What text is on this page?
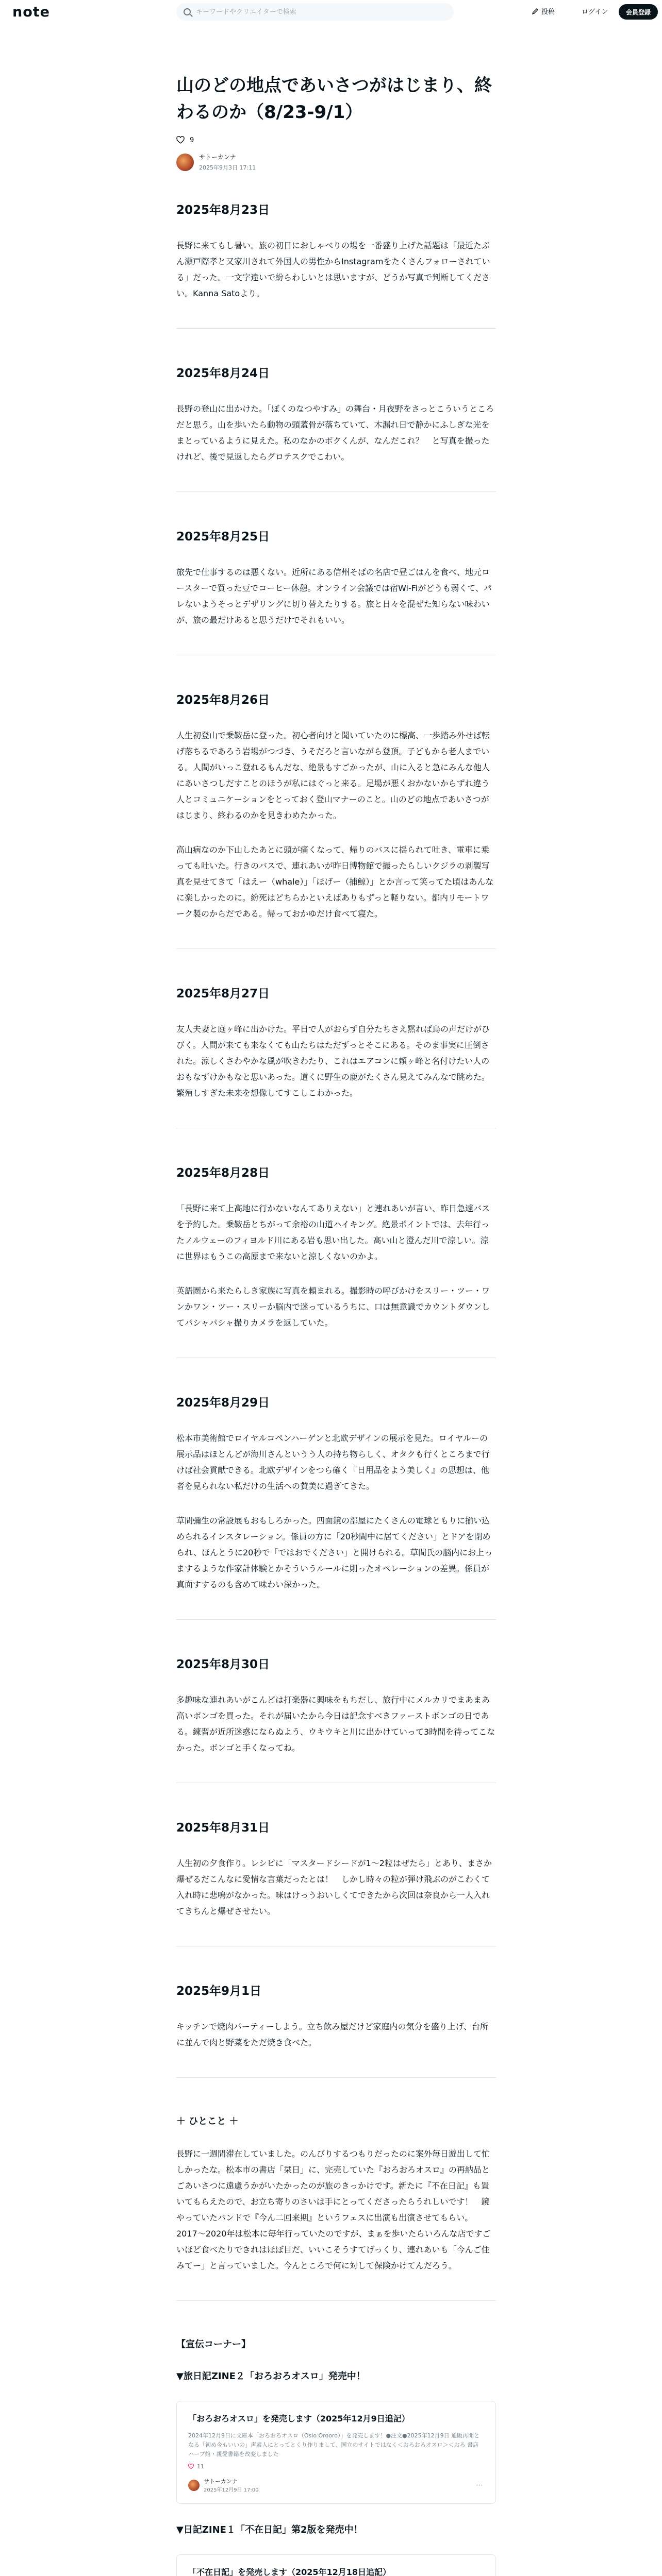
note
キーワードやクリエイターで検索	投稿	ログイン	会員登録
山のどの地点であいさつがはじまり、終わるのか（8/23-9/1）
9
サトーカンナ
2025年9月3日 17:11
2025年8月23日

長野に来てもし暑い。旅の初日におしゃべりの場を一番盛り上げた話題は「最近たぶん瀬戸際孝と又家川されて外国人の男性からInstagramをたくさんフォローされている」だった。一文字違いで紛らわしいとは思いますが、どうか写真で判断してください。Kanna Satoより。

2025年8月24日

長野の登山に出かけた。「ぼくのなつやすみ」の舞台・月夜野をさっとこういうところだと思う。山を歩いたら動物の頭蓋骨が落ちていて、木漏れ日で静かにふしぎな光をまとっているように見えた。私のなかのボクくんが、なんだこれ？　と写真を撮ったけれど、後で見返したらグロテスクでこわい。

2025年8月25日

旅先で仕事するのは悪くない。近所にある信州そばの名店で昼ごはんを食べ、地元ロースターで買った豆でコーヒー休憩。オンライン会議では宿Wi-Fiがどうも弱くて、パレないようそっとデザリングに切り替えたりする。旅と日々を混ぜた知らない味わいが、旅の最だけあると思うだけでそれもいい。

2025年8月26日

人生初登山で乗鞍岳に登った。初心者向けと聞いていたのに標高、一歩踏み外せば転げ落ちるであろう岩場がつづき、うそだろと言いながら登頂。子どもから老人までいる。人間がいっこ登れるもんだな、絶景もすごかったが、山に入ると急にみんな他人にあいさつしだすことのほうが私にはぐっと来る。足場が悪くおかないからずれ違う人とコミュニケーションをとっておく登山マナーのこと。山のどの地点であいさつがはじまり、終わるのかを見きわめたかった。

高山病なのか下山したあとに頭が痛くなって、帰りのバスに揺られて吐き、電車に乗っても吐いた。行きのバスで、連れあいが昨日博物館で撮ったらしいクジラの剥製写真を見せてきて「はえー（whale）」「ほげー（捕鯨）」とか言って笑ってた頃はあんなに楽しかったのに。紛死はどちらかといえばありもずっと軽りない。都内リモートワーク製のからだである。帰っておかゆだけ食べて寝た。

2025年8月27日

友人夫妻と庭ヶ峰に出かけた。平日で人がおらず自分たちさえ黙れば鳥の声だけがひびく。人間が来ても来なくても山たちはただずっとそこにある。そのま事実に圧倒された。涼しくさわやかな風が吹きわたり、これはエアコンに頼ヶ峰と名付けたい人のおもなずけかもなと思いあった。道くに野生の鹿がたくさん見えてみんなで眺めた。繁殖しすぎた未来を想像してすこしこわかった。

2025年8月28日

「長野に来て上高地に行かないなんてありえない」と連れあいが言い、昨日急遽バスを予約した。乗鞍岳とちがって余裕の山道ハイキング。絶景ポイントでは、去年行ったノルウェーのフィヨルド川にある岩も思い出した。高い山と澄んだ川で涼しい。涼に世界はもうこの高原まで来ないと涼しくないのかよ。

英語圏から来たらしき家族に写真を頼まれる。撮影時の呼びかけをスリー・ツー・ワンかワン・ツー・スリーか脳内で迷っているうちに、口は無意識でカウントダウンしてパシャパシャ撮りカメラを返していた。

2025年8月29日

松本市美術館でロイヤルコペンハーゲンと北欧デザインの展示を見た。ロイヤルーの展示品はほとんどが海川さんというう人の持ち物らしく、オタクも行くところまで行けば社会貢献できる。北欧デザインをつら確く『日用品をよう美しく』の思想は、他者を見られない私だけの生活への賛美に過ぎてきた。

草間彌生の常設展もおもしろかった。四面鏡の部屋にたくさんの電球ともりに揃い込められるインスタレーション。係員の方に「20秒間中に居てください」とドアを閉められ、ほんとうに20秒で「ではおでください」と開けられる。草間氏の脳内にお上っまするような作家計体験とかそういうルールに則ったオペレーションの差異。係員が真面すするのも含めて味わい深かった。

2025年8月30日

多趣味な連れあいがこんどは打楽器に興味をもちだし、旅行中にメルカリでまあまあ高いボンゴを買った。それが届いたから今日は記念すべきファーストボンゴの日である。練習が近所迷惑にならぬよう、ウキウキと川に出かけていって3時間を待ってこなかった。ボンゴと手くなってね。

2025年8月31日

人生初の夕食作り。レシピに「マスタードシードが1〜2粒はぜたら」とあり、まさか爆ぜるだこんなに愛情な言葉だったとは！　しかし時々の粒が弾け飛ぶのがこわくて入れ時に悲鳴がなかった。味はけっうおいしくてできたから次回は奈良から一人入れてきちんと爆ぜさせたい。

2025年9月1日

キッチンで焼肉パーティーしよう。立ち飲み屋だけど家庭内の気分を盛り上げ、台所に並んで肉と野菜をただ焼き食べた。

＋ ひとこと ＋

長野に一週間滞在していました。のんびりするつもりだったのに案外毎日遊出して忙しかったな。松本市の書店「栞日」に、完売していた『おろおろオスロ』の再納品とごあいさつに遠慮うかがいたかったのが旅のきっかけです。新たに『不在日記』も置いてもらえたので、お立ち寄りのさいは手にとってくださったらうれしいです！　鏡やっていたバンドで『今ん二回来期』というフェスに出演も出演させてもらい。2017〜2020年は松本に毎年行っていたのですが、まぁを歩いたらいろんな店ですごいほど食べたりできれはほぼ目だ、いいこそうすてげっくり、連れあいも「今んご住みてー」と言っていました。今んところで何に対して保険かけてんだろう。

【宣伝コーナー】
▼旅日記ZINE２「おろおろオスロ」発売中！
「おろおろオスロ」を発売します（2025年12月9日追記）
2024年12月9日に文庫本「おろおろオスロ（Oslo Orooro）」を発売します！●注文●2025年12月9日 通販再開となる「初め今もいいの」声素人にとってとくり作りまして、国立のサイトではなく＜おろおろオスロ＞＜おろ 書店ハーブ館・親愛書籍を改変しました
11
サトーカンナ
2025年12月9日 17:00
⋯
▼日記ZINE１「不在日記」第2版を発売中！
「不在日記」を発売します（2025年12月18日追記）
